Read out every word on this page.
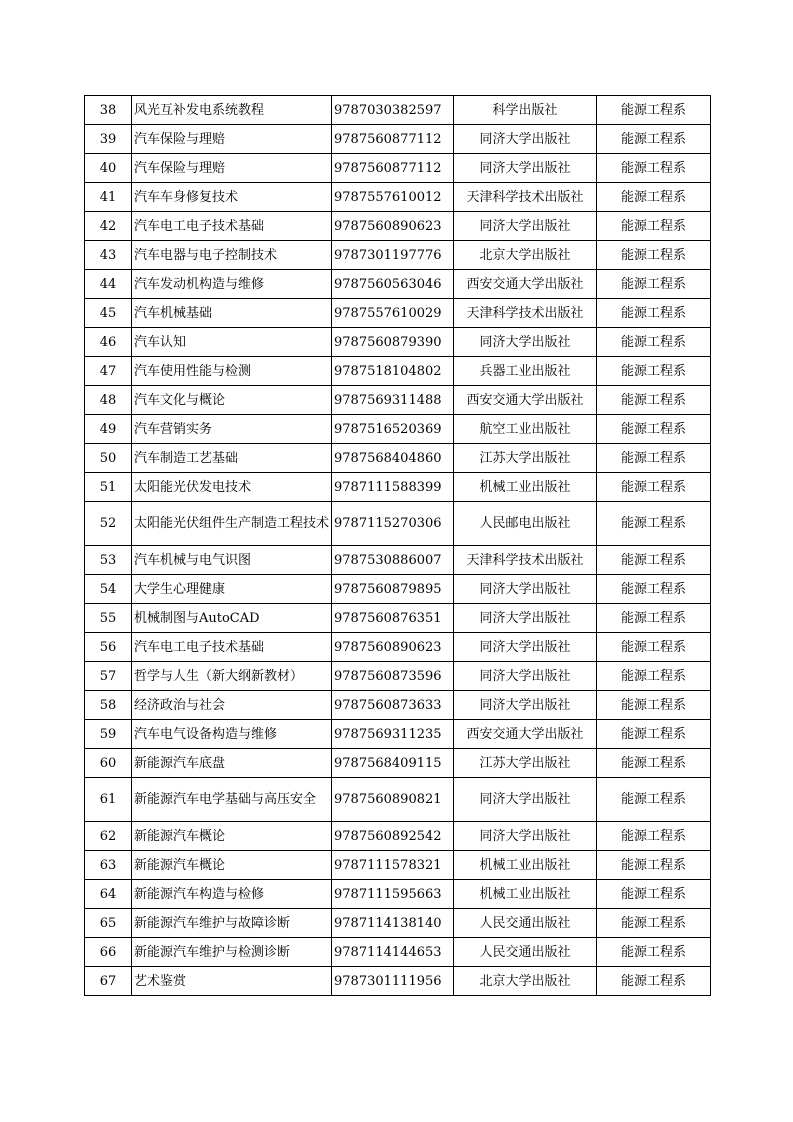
38	风光互补发电系统教程	9787030382597	科学出版社	能源工程系
39	汽车保险与理赔	9787560877112	同济大学出版社	能源工程系
40	汽车保险与理赔	9787560877112	同济大学出版社	能源工程系
41	汽车车身修复技术	9787557610012	天津科学技术出版社	能源工程系
42	汽车电工电子技术基础	9787560890623	同济大学出版社	能源工程系
43	汽车电器与电子控制技术	9787301197776	北京大学出版社	能源工程系
44	汽车发动机构造与维修	9787560563046	西安交通大学出版社	能源工程系
45	汽车机械基础	9787557610029	天津科学技术出版社	能源工程系
46	汽车认知	9787560879390	同济大学出版社	能源工程系
47	汽车使用性能与检测	9787518104802	兵器工业出版社	能源工程系
48	汽车文化与概论	9787569311488	西安交通大学出版社	能源工程系
49	汽车营销实务	9787516520369	航空工业出版社	能源工程系
50	汽车制造工艺基础	9787568404860	江苏大学出版社	能源工程系
51	太阳能光伏发电技术	9787111588399	机械工业出版社	能源工程系
52	太阳能光伏组件生产制造工程技术	9787115270306	人民邮电出版社	能源工程系
53	汽车机械与电气识图	9787530886007	天津科学技术出版社	能源工程系
54	大学生心理健康	9787560879895	同济大学出版社	能源工程系
55	机械制图与AutoCAD	9787560876351	同济大学出版社	能源工程系
56	汽车电工电子技术基础	9787560890623	同济大学出版社	能源工程系
57	哲学与人生（新大纲新教材）	9787560873596	同济大学出版社	能源工程系
58	经济政治与社会	9787560873633	同济大学出版社	能源工程系
59	汽车电气设备构造与维修	9787569311235	西安交通大学出版社	能源工程系
60	新能源汽车底盘	9787568409115	江苏大学出版社	能源工程系
61	新能源汽车电学基础与高压安全	9787560890821	同济大学出版社	能源工程系
62	新能源汽车概论	9787560892542	同济大学出版社	能源工程系
63	新能源汽车概论	9787111578321	机械工业出版社	能源工程系
64	新能源汽车构造与检修	9787111595663	机械工业出版社	能源工程系
65	新能源汽车维护与故障诊断	9787114138140	人民交通出版社	能源工程系
66	新能源汽车维护与检测诊断	9787114144653	人民交通出版社	能源工程系
67	艺术鉴赏	9787301111956	北京大学出版社	能源工程系
